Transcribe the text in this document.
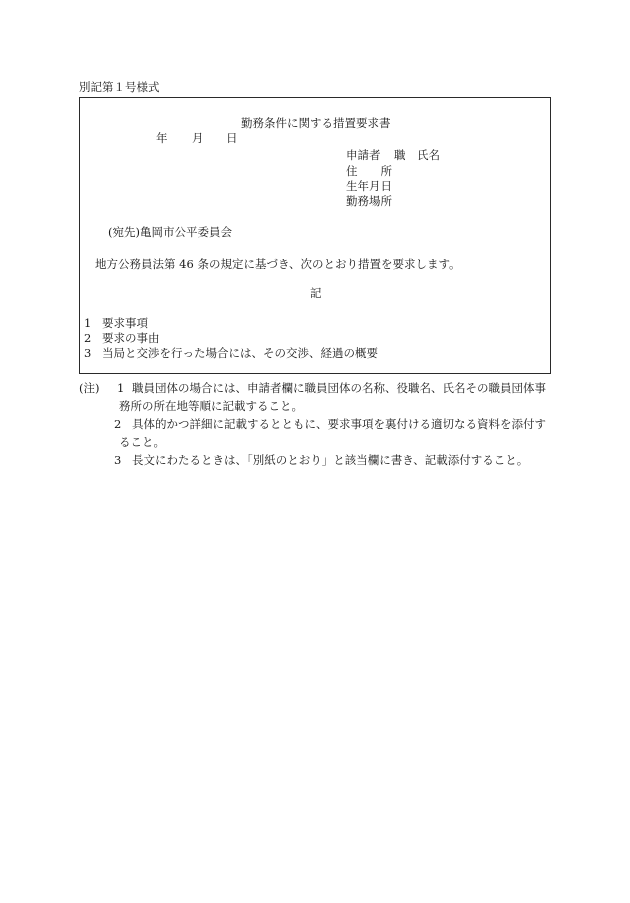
別記第１号様式
勤務条件に関する措置要求書
年 月 日
申請者 職　氏名
住　　所
生年月日
勤務場所
(宛先)亀岡市公平委員会
地方公務員法第 46 条の規定に基づき、次のとおり措置を要求します。
記
1 要求事項
2 要求の事由
3 当局と交渉を行った場合には、その交渉、経過の概要
(注) 1 職員団体の場合には、申請者欄に職員団体の名称、役職名、氏名その職員団体事
務所の所在地等順に記載すること。
2 具体的かつ詳細に記載するとともに、要求事項を裏付ける適切なる資料を添付す
ること。
3 長文にわたるときは、「別紙のとおり」と該当欄に書き、記載添付すること。
